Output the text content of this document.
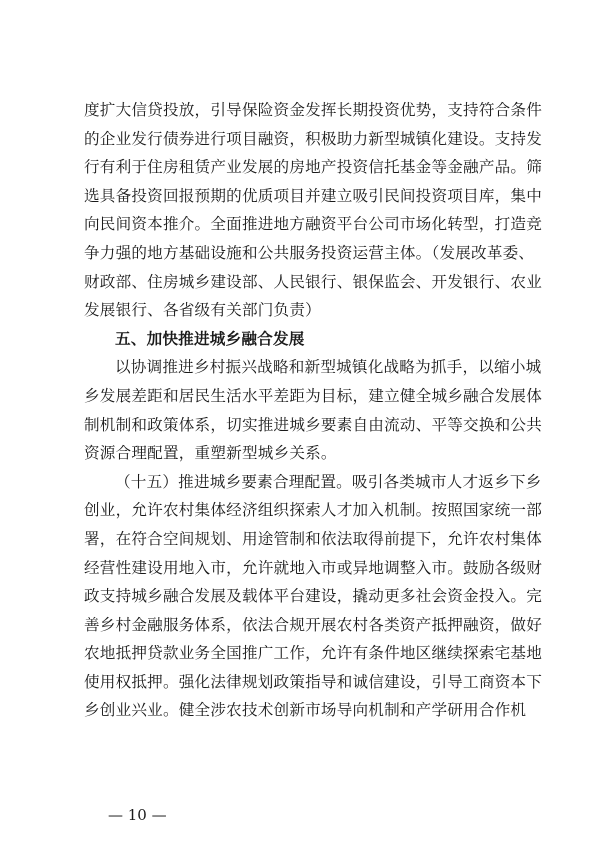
度扩大信贷投放，引导保险资金发挥长期投资优势，支持符合条件
的企业发行债券进行项目融资，积极助力新型城镇化建设。支持发
行有利于住房租赁产业发展的房地产投资信托基金等金融产品。筛
选具备投资回报预期的优质项目并建立吸引民间投资项目库，集中
向民间资本推介。全面推进地方融资平台公司市场化转型，打造竞
争力强的地方基础设施和公共服务投资运营主体。（发展改革委、
财政部、住房城乡建设部、人民银行、银保监会、开发银行、农业
发展银行、各省级有关部门负责）
五、加快推进城乡融合发展
以协调推进乡村振兴战略和新型城镇化战略为抓手，以缩小城
乡发展差距和居民生活水平差距为目标，建立健全城乡融合发展体
制机制和政策体系，切实推进城乡要素自由流动、平等交换和公共
资源合理配置，重塑新型城乡关系。
（十五）推进城乡要素合理配置。吸引各类城市人才返乡下乡
创业，允许农村集体经济组织探索人才加入机制。按照国家统一部
署，在符合空间规划、用途管制和依法取得前提下，允许农村集体
经营性建设用地入市，允许就地入市或异地调整入市。鼓励各级财
政支持城乡融合发展及载体平台建设，撬动更多社会资金投入。完
善乡村金融服务体系，依法合规开展农村各类资产抵押融资，做好
农地抵押贷款业务全国推广工作，允许有条件地区继续探索宅基地
使用权抵押。强化法律规划政策指导和诚信建设，引导工商资本下
乡创业兴业。健全涉农技术创新市场导向机制和产学研用合作机
— 10 —
